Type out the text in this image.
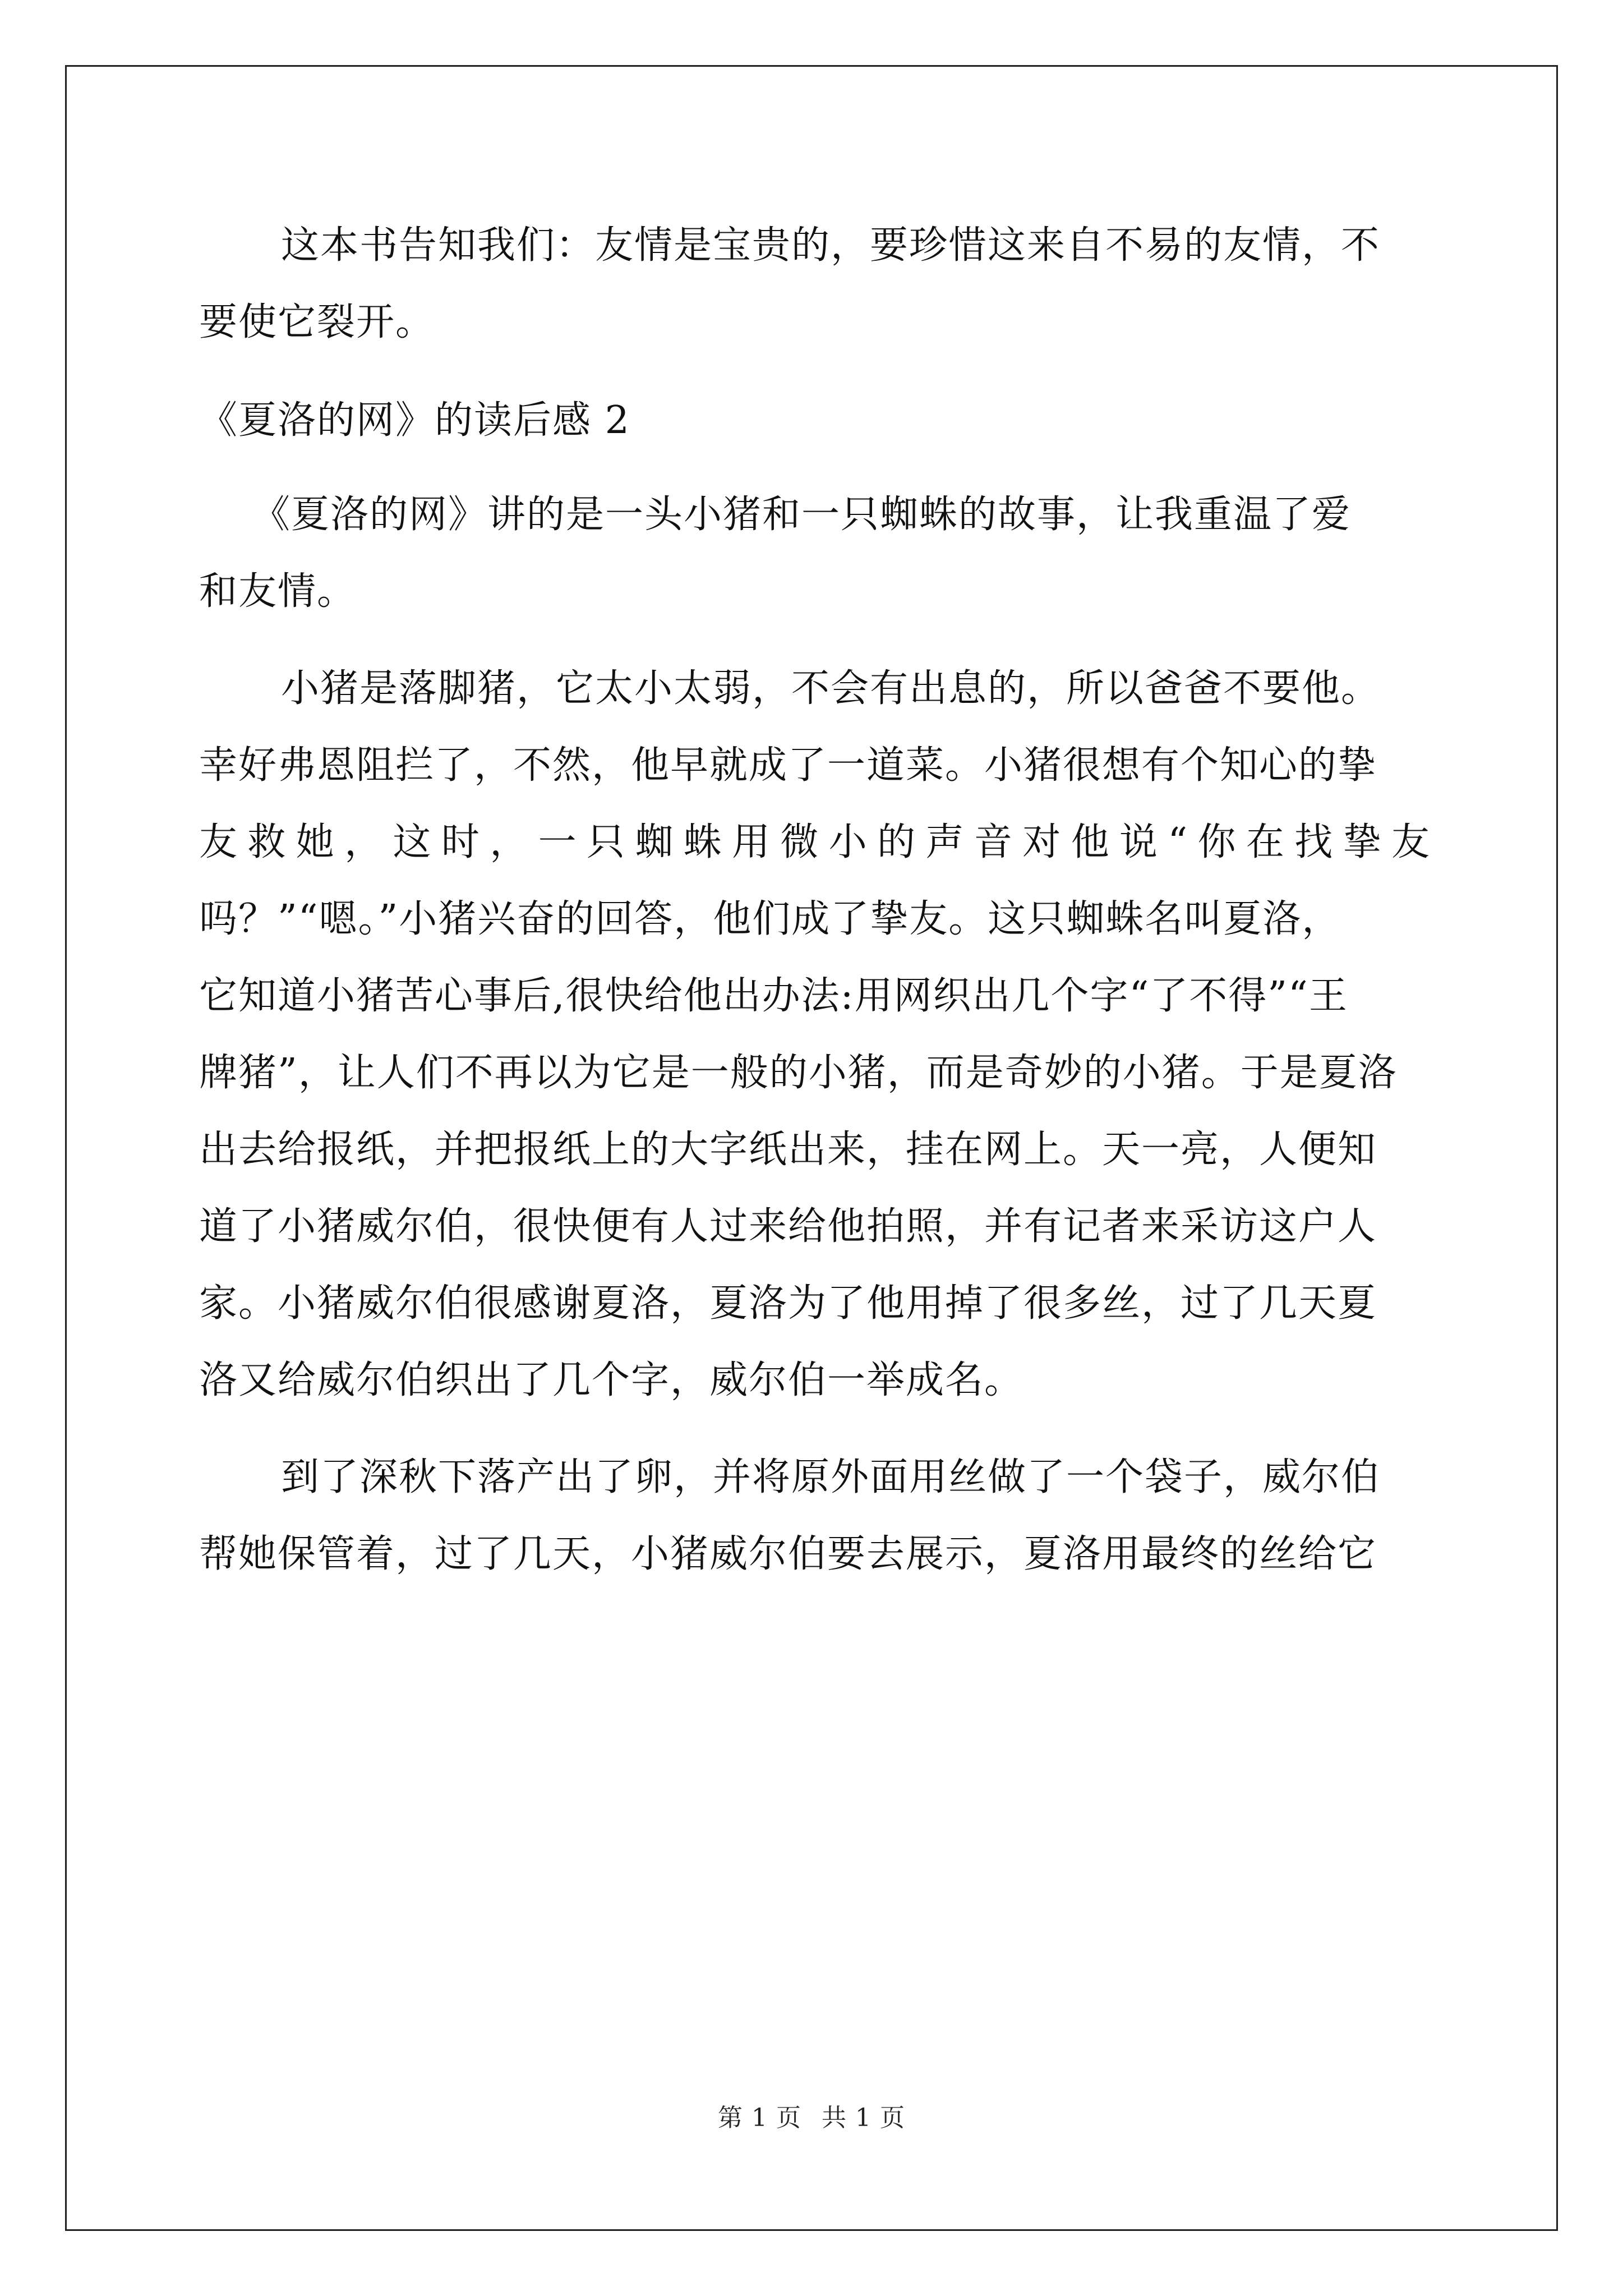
这本书告知我们：友情是宝贵的，要珍惜这来自不易的友情，不
要使它裂开。
《夏洛的网》的读后感 2
《夏洛的网》讲的是一头小猪和一只蜘蛛的故事，让我重温了爱
和友情。
小猪是落脚猪，它太小太弱，不会有出息的，所以爸爸不要他。
幸好弗恩阻拦了，不然，他早就成了一道菜。小猪很想有个知心的挚
友救她，这时，一只蜘蛛用微小的声音对他说“你在找挚友
吗？”“嗯。”小猪兴奋的回答，他们成了挚友。这只蜘蛛名叫夏洛，
它知道小猪苦心事后,很快给他出办法:用网织出几个字“了不得”“王
牌猪”，让人们不再以为它是一般的小猪，而是奇妙的小猪。于是夏洛
出去给报纸，并把报纸上的大字纸出来，挂在网上。天一亮，人便知
道了小猪威尔伯，很快便有人过来给他拍照，并有记者来采访这户人
家。小猪威尔伯很感谢夏洛，夏洛为了他用掉了很多丝，过了几天夏
洛又给威尔伯织出了几个字，威尔伯一举成名。
到了深秋下落产出了卵，并将原外面用丝做了一个袋子，威尔伯
帮她保管着，过了几天，小猪威尔伯要去展示，夏洛用最终的丝给它
第 1 页 共 1 页
